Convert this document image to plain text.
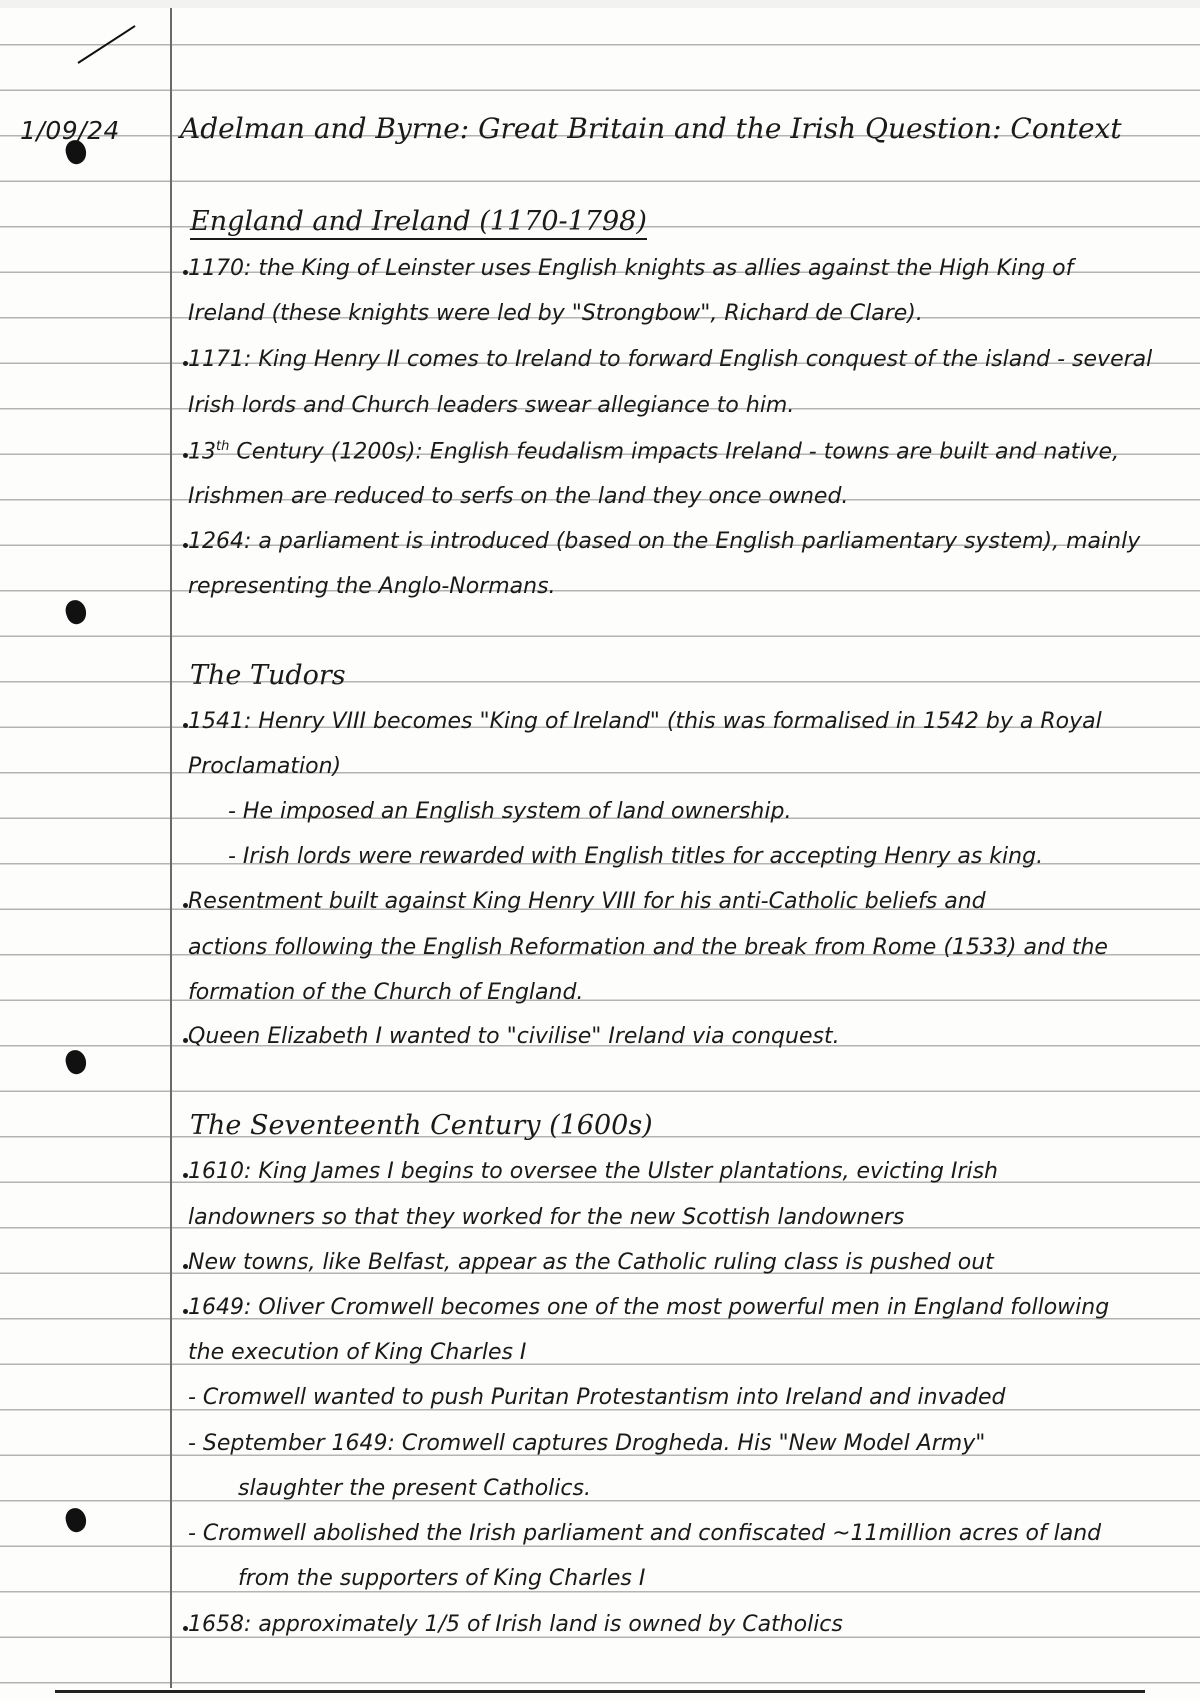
1/09/24 Adelman and Byrne: Great Britain and the Irish Question: Context
England and Ireland (1170-1798)
1170: the King of Leinster uses English knights as allies against the High King of
Ireland (these knights were led by "Strongbow", Richard de Clare).
1171: King Henry II comes to Ireland to forward English conquest of the island - several
Irish lords and Church leaders swear allegiance to him.
13th Century (1200s): English feudalism impacts Ireland - towns are built and native,
Irishmen are reduced to serfs on the land they once owned.
1264: a parliament is introduced (based on the English parliamentary system), mainly
representing the Anglo-Normans.
The Tudors
1541: Henry VIII becomes "King of Ireland" (this was formalised in 1542 by a Royal
Proclamation)
- He imposed an English system of land ownership.
- Irish lords were rewarded with English titles for accepting Henry as king.
Resentment built against King Henry VIII for his anti-Catholic beliefs and
actions following the English Reformation and the break from Rome (1533) and the
formation of the Church of England.
Queen Elizabeth I wanted to "civilise" Ireland via conquest.
The Seventeenth Century (1600s)
1610: King James I begins to oversee the Ulster plantations, evicting Irish
landowners so that they worked for the new Scottish landowners
New towns, like Belfast, appear as the Catholic ruling class is pushed out
1649: Oliver Cromwell becomes one of the most powerful men in England following
the execution of King Charles I
- Cromwell wanted to push Puritan Protestantism into Ireland and invaded
- September 1649: Cromwell captures Drogheda. His "New Model Army"
slaughter the present Catholics.
- Cromwell abolished the Irish parliament and confiscated ~11million acres of land
from the supporters of King Charles I
1658: approximately 1/5 of Irish land is owned by Catholics
